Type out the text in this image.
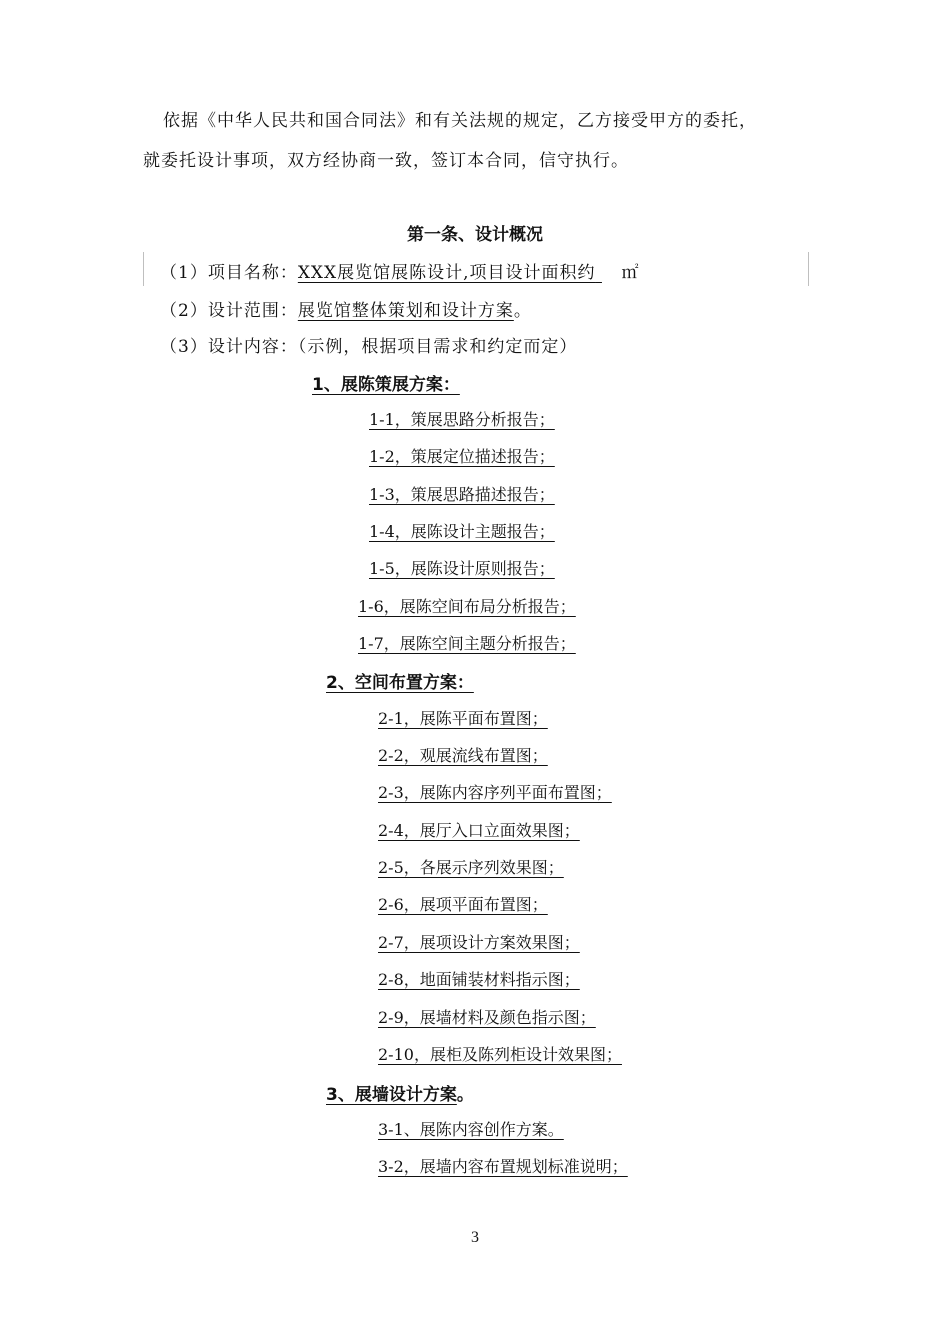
依据《中华人民共和国合同法》和有关法规的规定，乙方接受甲方的委托，
就委托设计事项，双方经协商一致，签订本合同，信守执行。
第一条、设计概况
（1）项目名称：XXX展览馆展陈设计,项目设计面积约 ㎡
（2）设计范围：展览馆整体策划和设计方案。
（3）设计内容：（示例，根据项目需求和约定而定）
1、展陈策展方案：
1-1，策展思路分析报告；
1-2，策展定位描述报告；
1-3，策展思路描述报告；
1-4，展陈设计主题报告；
1-5，展陈设计原则报告；
1-6，展陈空间布局分析报告；
1-7，展陈空间主题分析报告；
2、空间布置方案：
2-1，展陈平面布置图；
2-2，观展流线布置图；
2-3，展陈内容序列平面布置图；
2-4，展厅入口立面效果图；
2-5，各展示序列效果图；
2-6，展项平面布置图；
2-7，展项设计方案效果图；
2-8，地面铺装材料指示图；
2-9，展墙材料及颜色指示图；
2-10，展柜及陈列柜设计效果图；
3、展墙设计方案。
3-1、展陈内容创作方案。
3-2，展墙内容布置规划标准说明；
3
